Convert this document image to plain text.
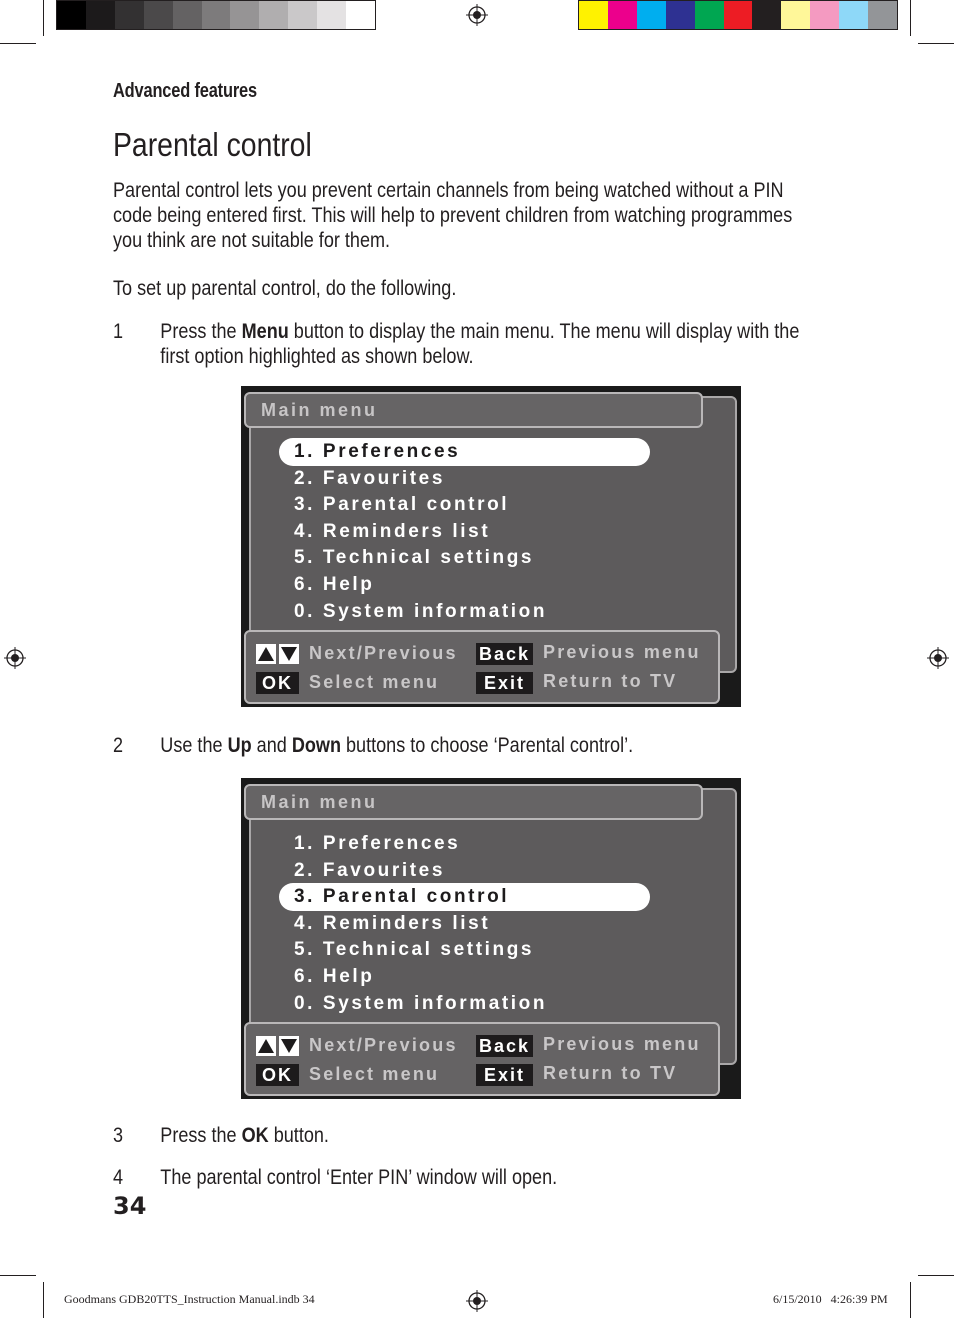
Advanced features
Parental control
Parental control lets you prevent certain channels from being watched without a PIN code being entered first. This will help to prevent children from watching programmes you think are not suitable for them.
To set up parental control, do the following.
1 Press the Menu button to display the main menu. The menu will display with the first option highlighted as shown below.
Main menu
1. Preferences
2. Favourites
3. Parental control
4. Reminders list
5. Technical settings
6. Help
0. System information
OK
Back
Exit
Next/Previous
Select menu
Previous menu
Return to TV
2 Use the Up and Down buttons to choose ‘Parental control’.
Main menu
1. Preferences
2. Favourites
3. Parental control
4. Reminders list
5. Technical settings
6. Help
0. System information
OK
Back
Exit
Next/Previous
Select menu
Previous menu
Return to TV
3 Press the OK button.
4 The parental control ‘Enter PIN’ window will open.
34
Goodmans GDB20TTS_Instruction Manual.indb 34	6/15/2010   4:26:39 PM
